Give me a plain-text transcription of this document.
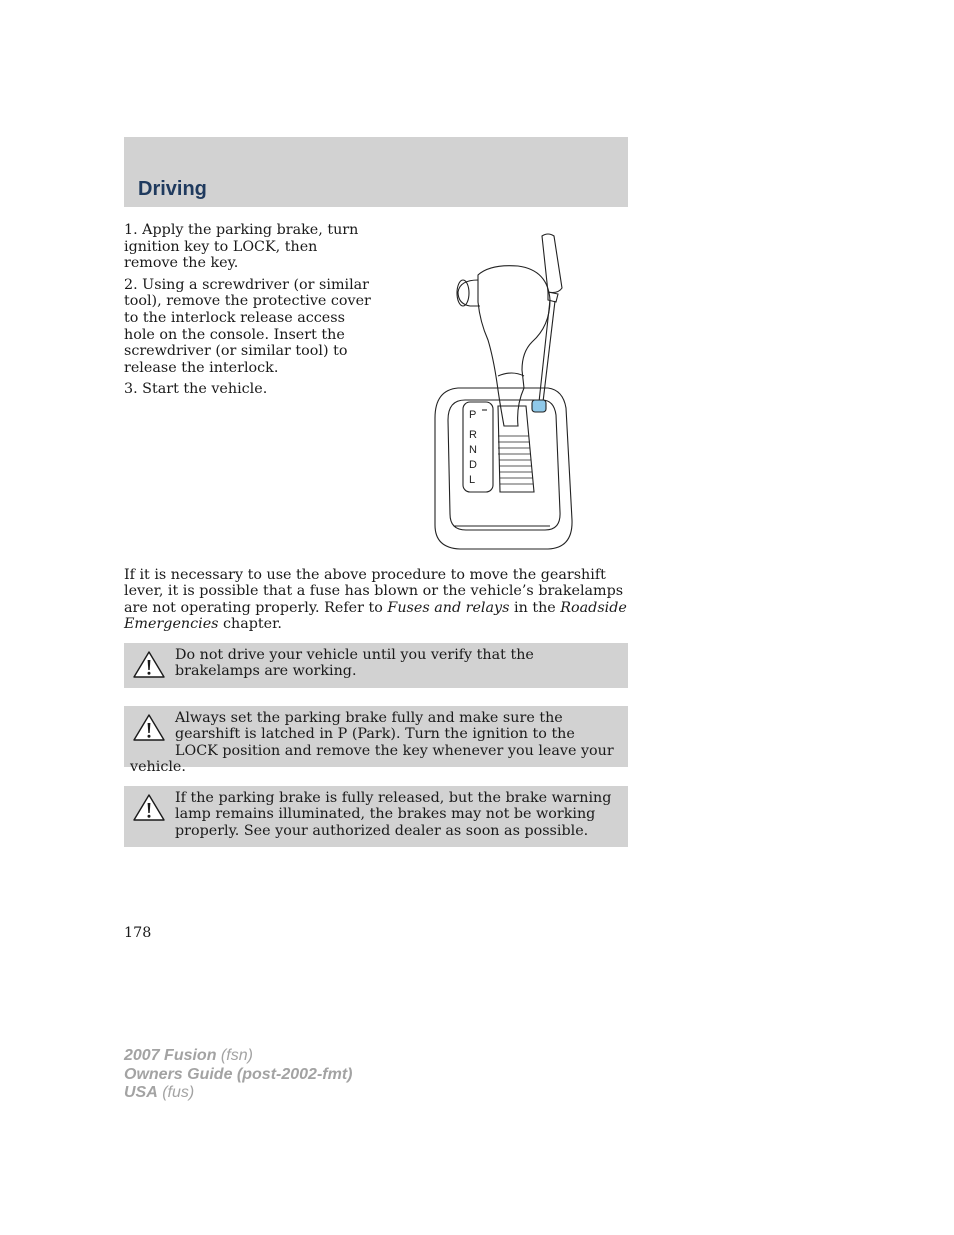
Driving

1. Apply the parking brake, turn ignition key to LOCK, then remove the key.

2. Using a screwdriver (or similar tool), remove the protective cover to the interlock release access hole on the console. Insert the screwdriver (or similar tool) to release the interlock.

3. Start the vehicle.

P
R
N
D
L

If it is necessary to use the above procedure to move the gearshift lever, it is possible that a fuse has blown or the vehicle’s brakelamps are not operating properly. Refer to Fuses and relays in the Roadside Emergencies chapter.

Do not drive your vehicle until you verify that the brakelamps are working.
Always set the parking brake fully and make sure the gearshift is latched in P (Park). Turn the ignition to the LOCK position and remove the key whenever you leave your vehicle.
If the parking brake is fully released, but the brake warning lamp remains illuminated, the brakes may not be working properly. See your authorized dealer as soon as possible.
178
2007 Fusion (fsn)
Owners Guide (post-2002-fmt)
USA (fus)
